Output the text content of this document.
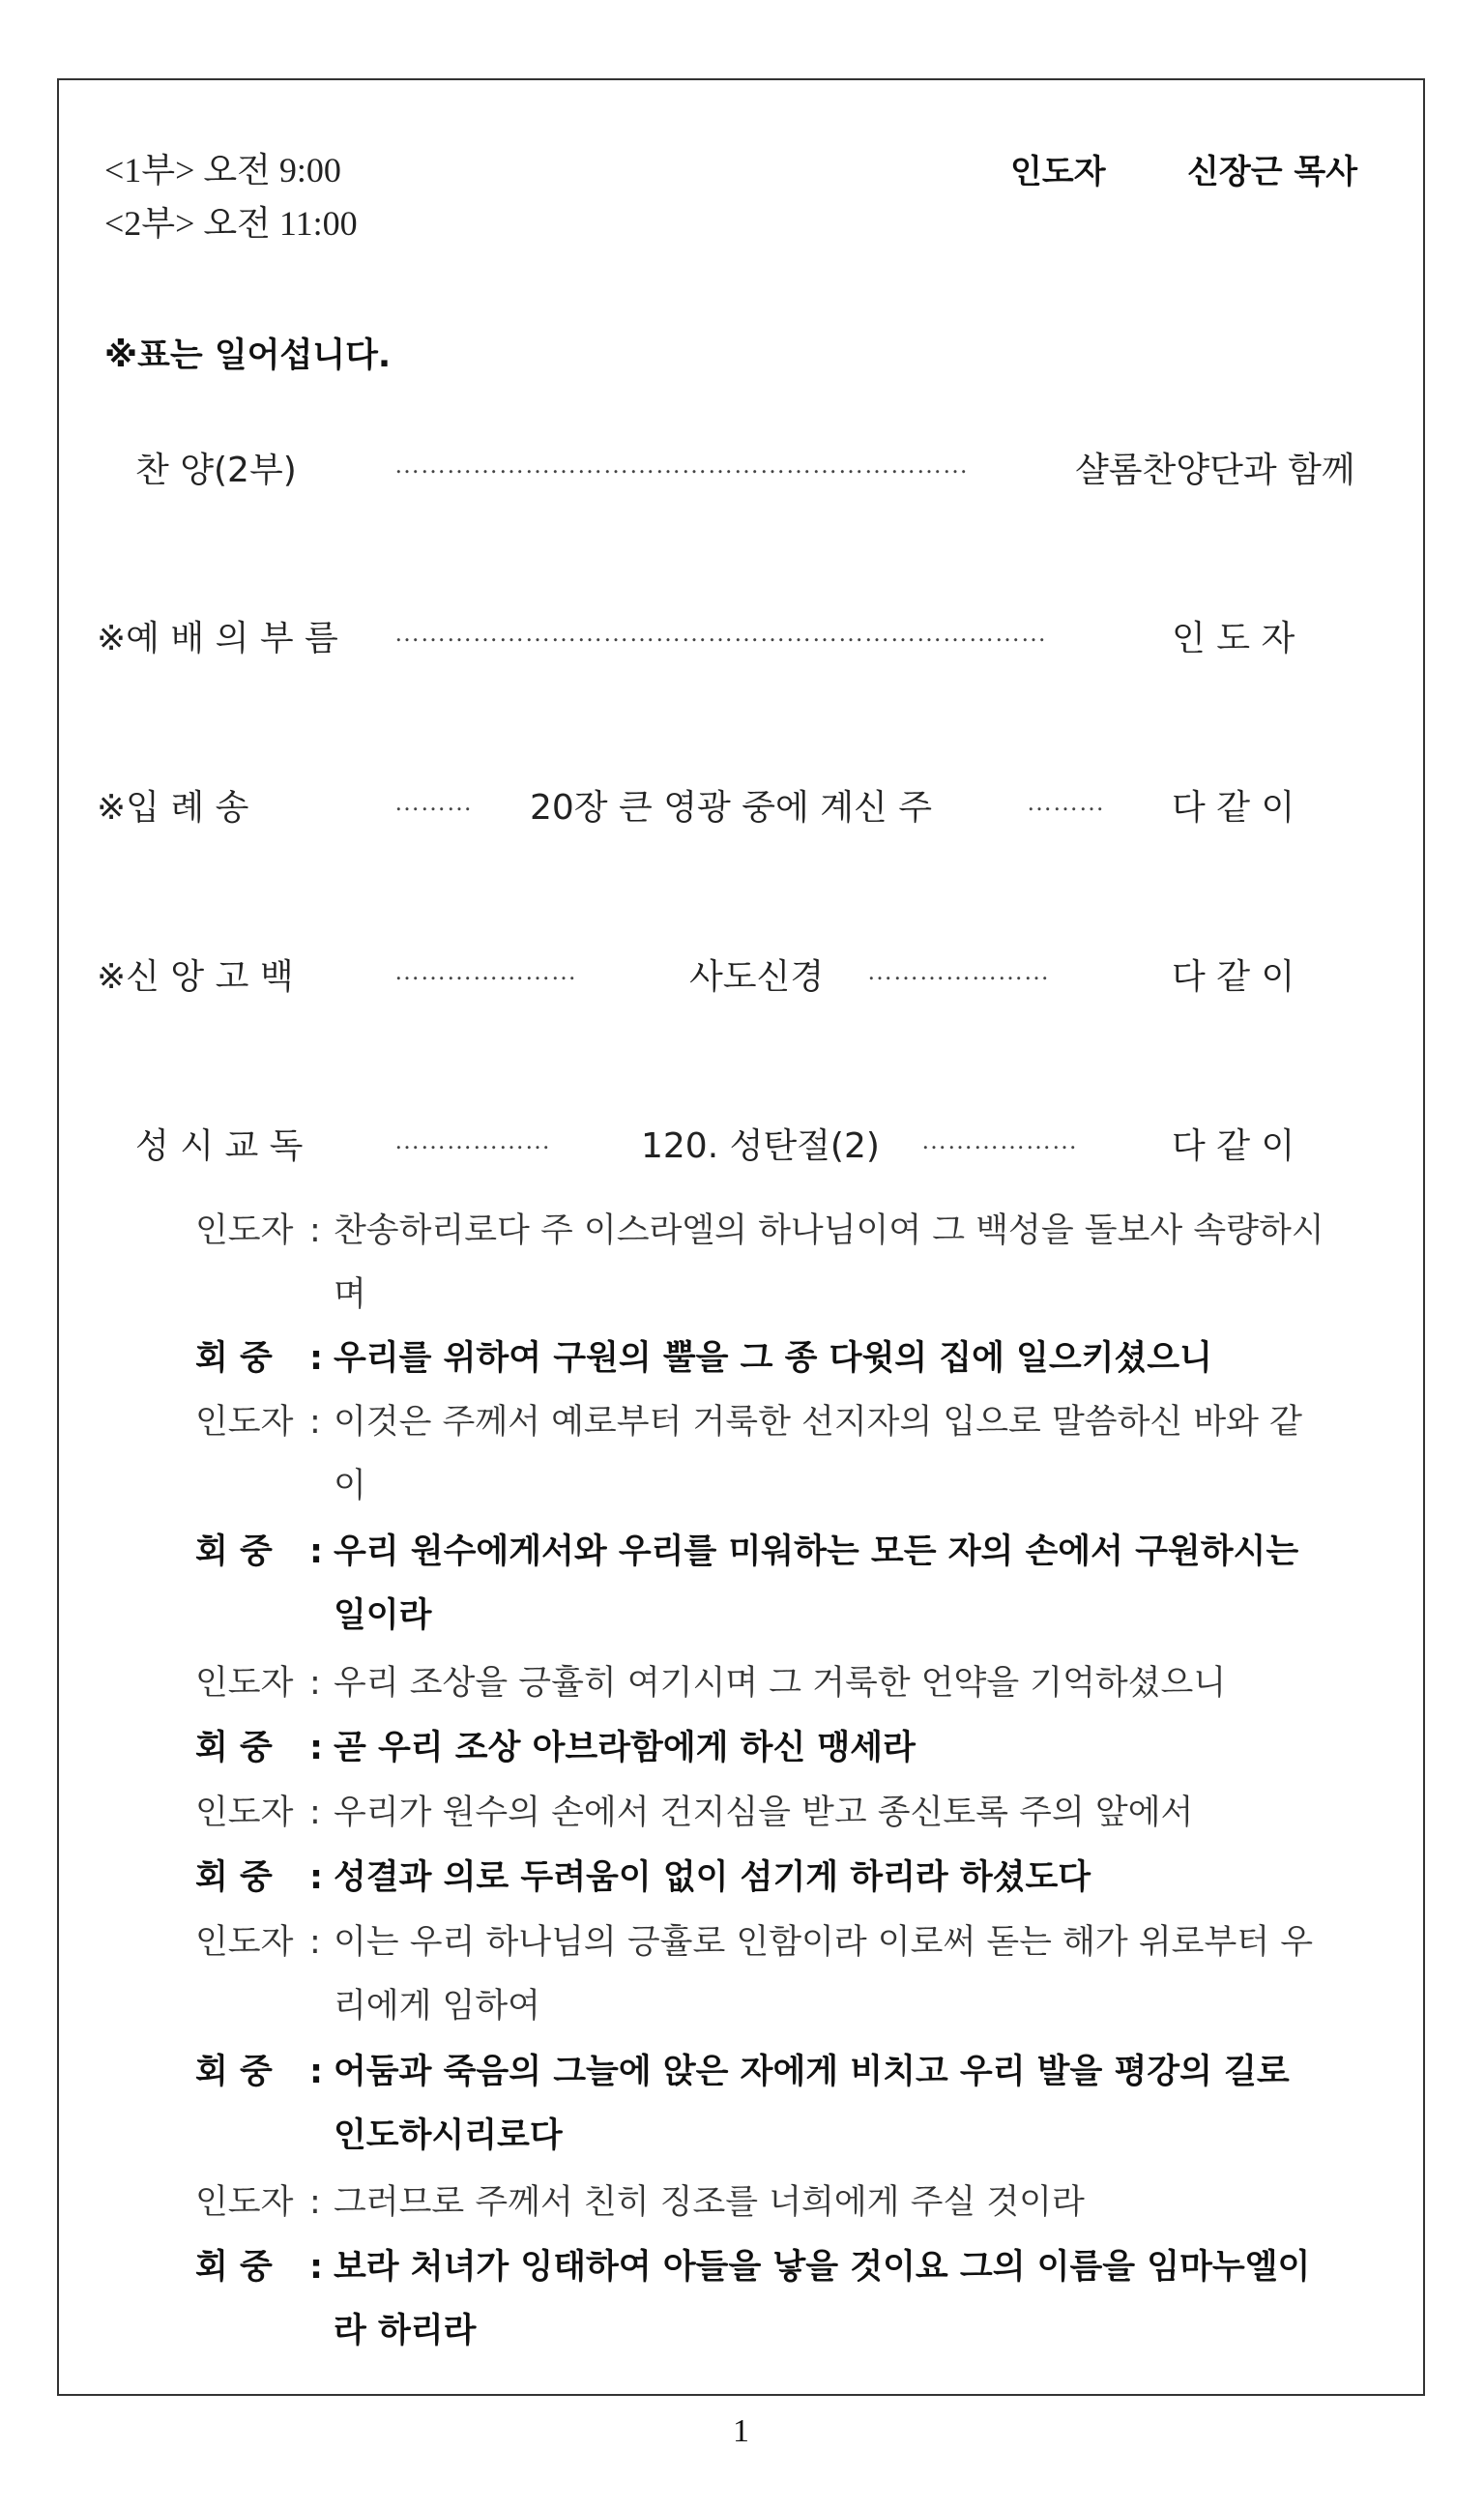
<1부> 오전 9:00
<2부> 오전 11:00
인도자 신장근 목사
※표는 일어섭니다.
찬 양(2부)	…………………………………………………………	샬롬찬양단과 함께
※예 배 의 부 름 …………………………………………………………………	인 도 자
※입 례 송	……… 20장 큰 영광 중에 계신 주	……… 다 같 이
※신 앙 고 백	…………………	사도신경 …………………	다 같 이
성 시 교 독	………………	120. 성탄절(2) ………………	다 같 이
인도자 : 찬송하리로다 주 이스라엘의 하나님이여 그 백성을 돌보사 속량하시며
회 중 : 우리를 위하여 구원의 뿔을 그 종 다윗의 집에 일으키셨으니
인도자 : 이것은 주께서 예로부터 거룩한 선지자의 입으로 말씀하신 바와 같이
회 중 : 우리 원수에게서와 우리를 미워하는 모든 자의 손에서 구원하시는 일이라
인도자 : 우리 조상을 긍휼히 여기시며 그 거룩한 언약을 기억하셨으니
회 중 : 곧 우리 조상 아브라함에게 하신 맹세라
인도자 : 우리가 원수의 손에서 건지심을 받고 종신토록 주의 앞에서
회 중 : 성결과 의로 두려움이 없이 섬기게 하리라 하셨도다
인도자 : 이는 우리 하나님의 긍휼로 인함이라 이로써 돋는 해가 위로부터 우리에게 임하여
회 중 : 어둠과 죽음의 그늘에 앉은 자에게 비치고 우리 발을 평강의 길로 인도하시리로다
인도자 : 그러므로 주께서 친히 징조를 너희에게 주실 것이라
회 중 : 보라 처녀가 잉태하여 아들을 낳을 것이요 그의 이름을 임마누엘이라 하리라
1
